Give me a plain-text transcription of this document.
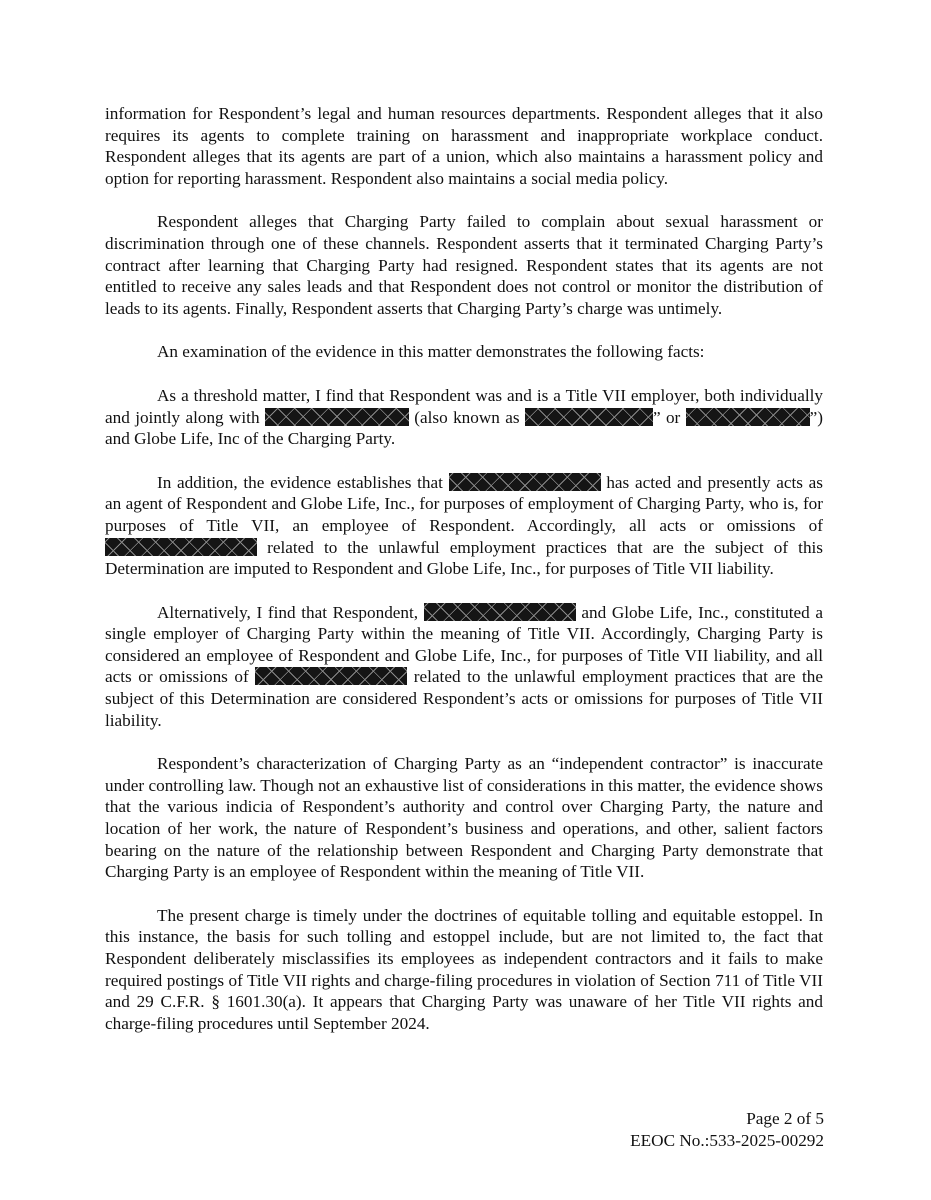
information for Respondent’s legal and human resources departments. Respondent alleges that it also requires its agents to complete training on harassment and inappropriate workplace conduct. Respondent alleges that its agents are part of a union, which also maintains a harassment policy and option for reporting harassment. Respondent also maintains a social media policy.

Respondent alleges that Charging Party failed to complain about sexual harassment or discrimination through one of these channels. Respondent asserts that it terminated Charging Party’s contract after learning that Charging Party had resigned. Respondent states that its agents are not entitled to receive any sales leads and that Respondent does not control or monitor the distribution of leads to its agents. Finally, Respondent asserts that Charging Party’s charge was untimely.

An examination of the evidence in this matter demonstrates the following facts:

As a threshold matter, I find that Respondent was and is a Title VII employer, both individually and jointly along with	(also known as	” or	”) and Globe Life, Inc of the Charging Party.

In addition, the evidence establishes that	has acted and presently acts as an agent of Respondent and Globe Life, Inc., for purposes of employment of Charging Party, who is, for purposes of Title VII, an employee of Respondent. Accordingly, all acts or omissions of  related to the unlawful employment practices that are the subject of this Determination are imputed to Respondent and Globe Life, Inc., for purposes of Title VII liability.

Alternatively, I find that Respondent,	and Globe Life, Inc., constituted a single employer of Charging Party within the meaning of Title VII. Accordingly, Charging Party is considered an employee of Respondent and Globe Life, Inc., for purposes of Title VII liability, and all acts or omissions of	related to the unlawful employment practices that are the subject of this Determination are considered Respondent’s acts or omissions for purposes of Title VII liability.

Respondent’s characterization of Charging Party as an “independent contractor” is inaccurate under controlling law. Though not an exhaustive list of considerations in this matter, the evidence shows that the various indicia of Respondent’s authority and control over Charging Party, the nature and location of her work, the nature of Respondent’s business and operations, and other, salient factors bearing on the nature of the relationship between Respondent and Charging Party demonstrate that Charging Party is an employee of Respondent within the meaning of Title VII.

The present charge is timely under the doctrines of equitable tolling and equitable estoppel. In this instance, the basis for such tolling and estoppel include, but are not limited to, the fact that Respondent deliberately misclassifies its employees as independent contractors and it fails to make required postings of Title VII rights and charge-filing procedures in violation of Section 711 of Title VII and 29 C.F.R. § 1601.30(a). It appears that Charging Party was unaware of her Title VII rights and charge-filing procedures until September 2024.

Page 2 of 5
EEOC No.:533-2025-00292
